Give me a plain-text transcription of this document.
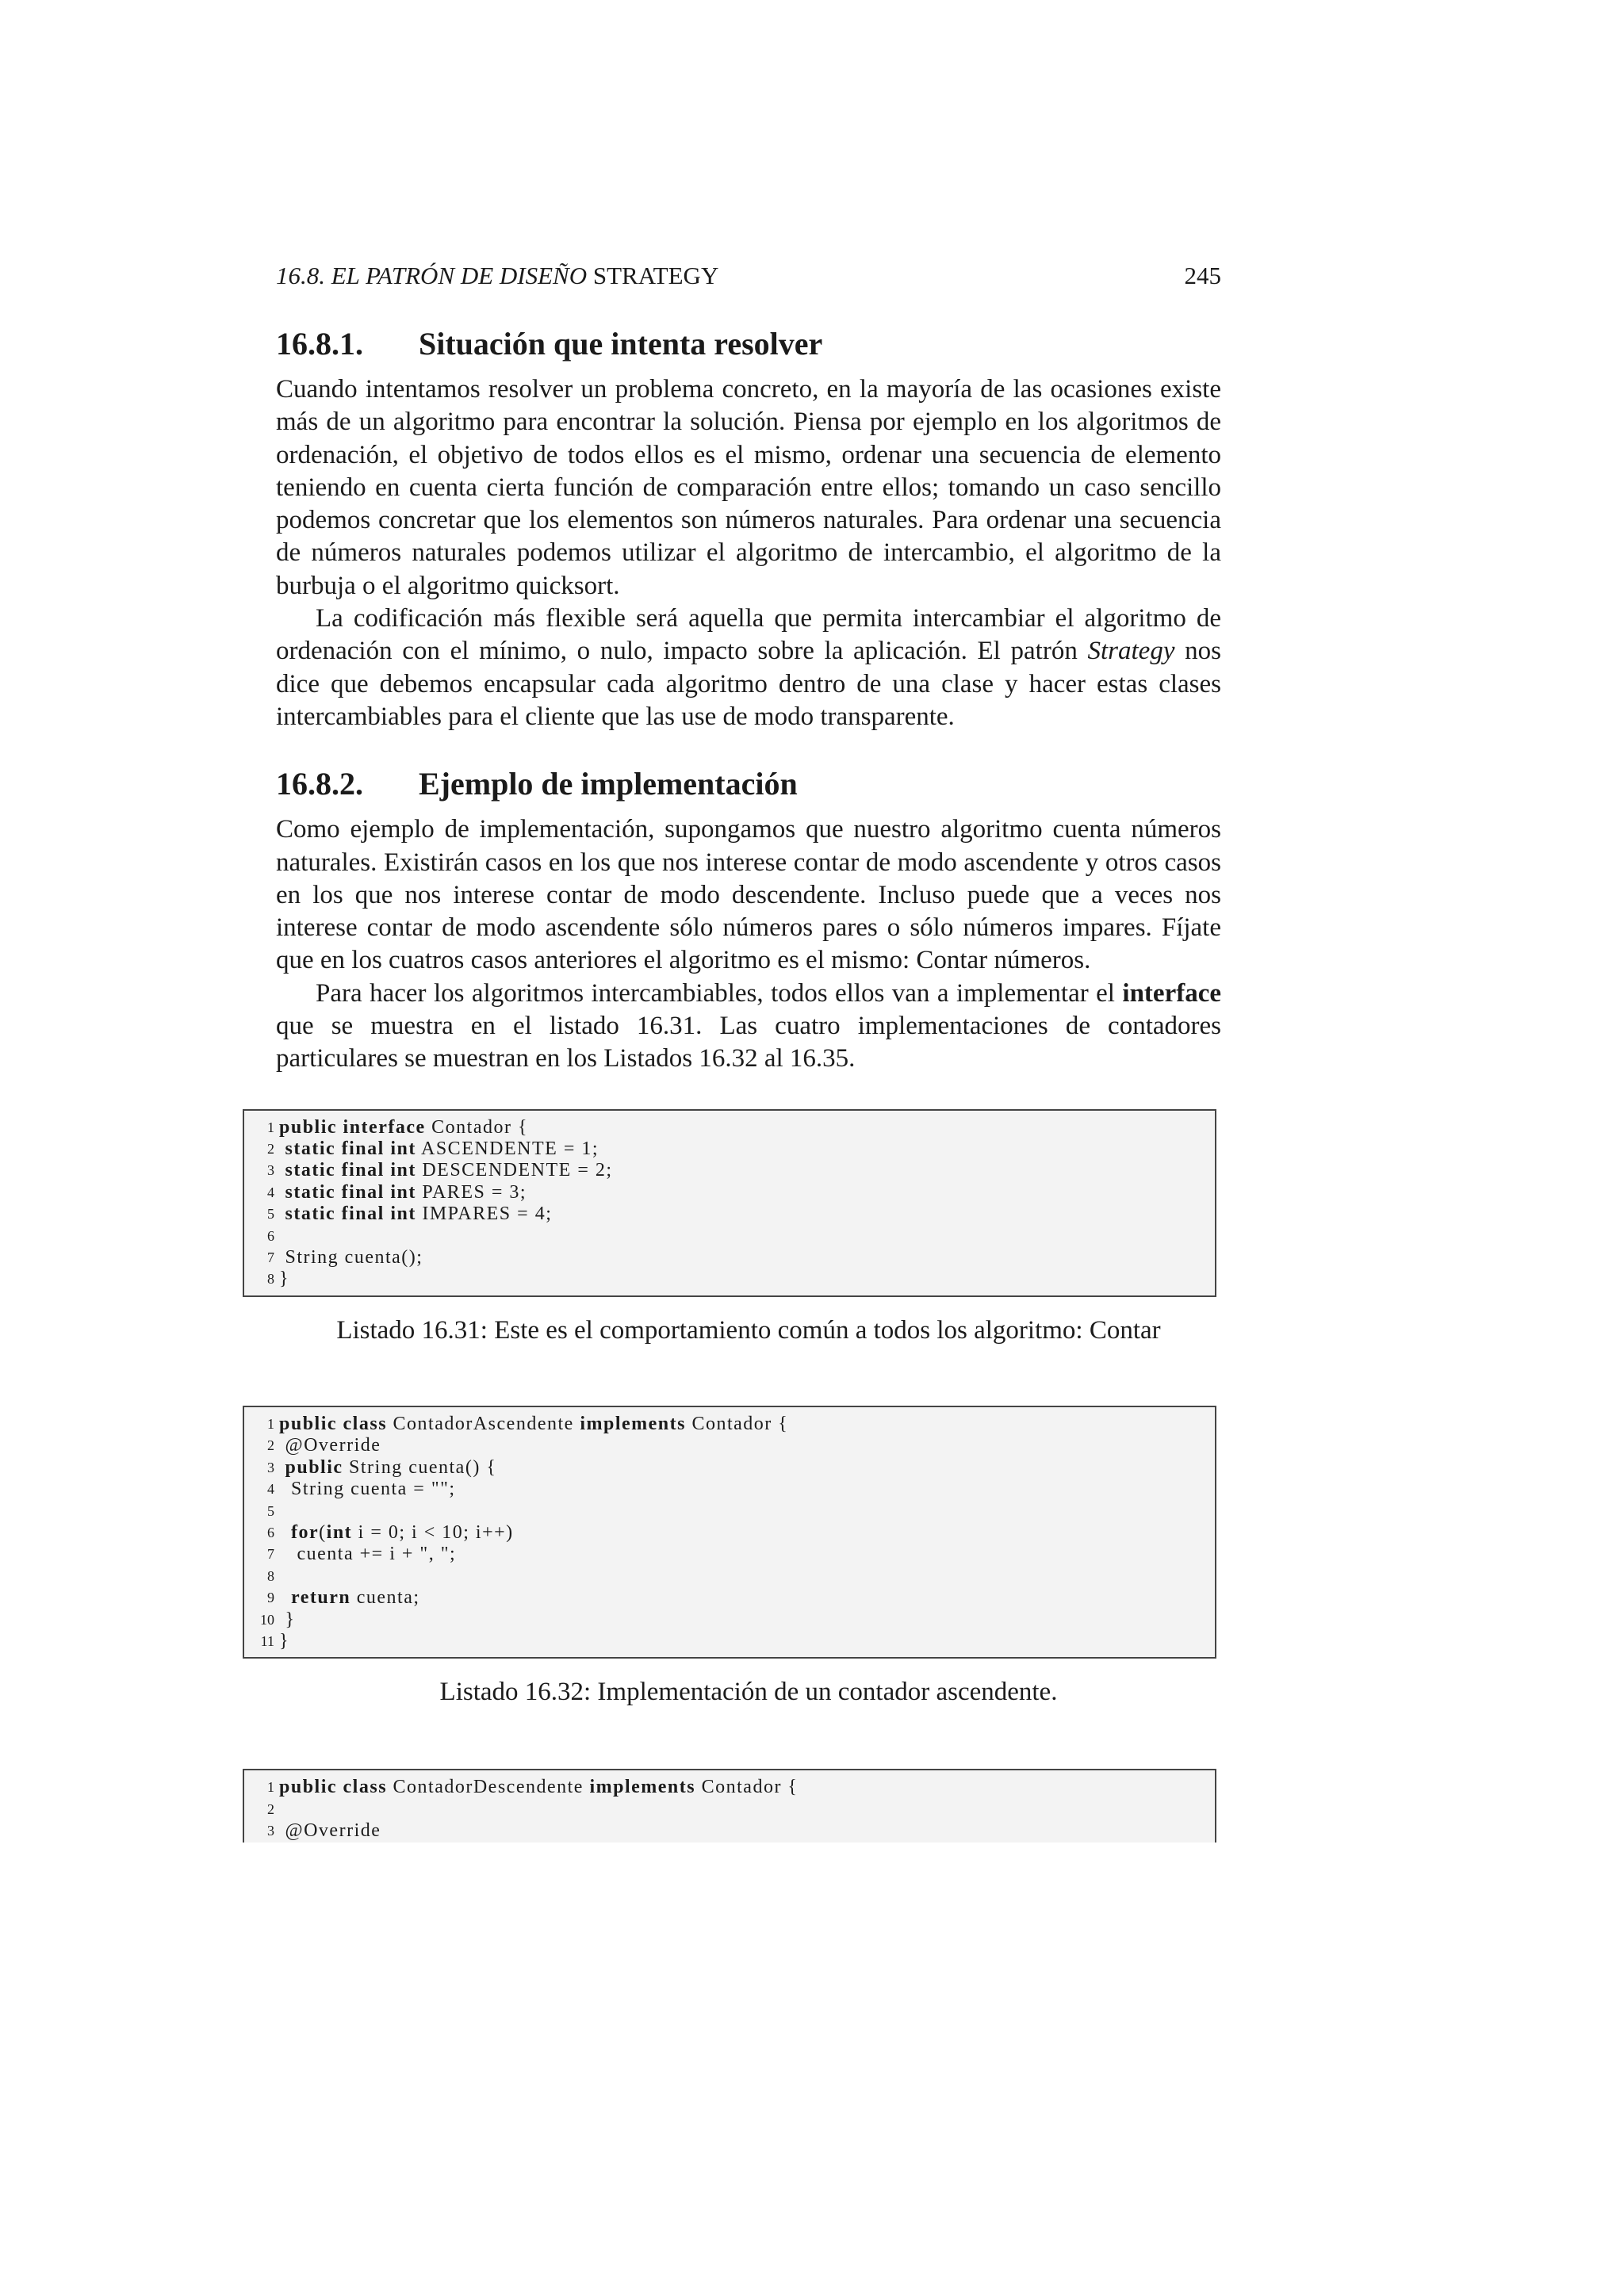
16.8. EL PATRÓN DE DISEÑO STRATEGY	245
16.8.1.	Situación que intenta resolver

Cuando intentamos resolver un problema concreto, en la mayoría de las ocasiones existe más de un algoritmo para encontrar la solución. Piensa por ejemplo en los algoritmos de ordenación, el objetivo de todos ellos es el mismo, ordenar una secuencia de elemento teniendo en cuenta cierta función de comparación entre ellos; tomando un caso sencillo podemos concretar que los elementos son números naturales. Para ordenar una secuencia de números naturales podemos utilizar el algoritmo de intercambio, el algoritmo de la burbuja o el algoritmo quicksort.

La codificación más flexible será aquella que permita intercambiar el algoritmo de ordenación con el mínimo, o nulo, impacto sobre la aplicación. El patrón Strategy nos dice que debemos encapsular cada algoritmo dentro de una clase y hacer estas clases intercambiables para el cliente que las use de modo transparente.

16.8.2.	Ejemplo de implementación

Como ejemplo de implementación, supongamos que nuestro algoritmo cuenta números naturales. Existirán casos en los que nos interese contar de modo ascendente y otros casos en los que nos interese contar de modo descendente. Incluso puede que a veces nos interese contar de modo ascendente sólo números pares o sólo números impares. Fíjate que en los cuatros casos anteriores el algoritmo es el mismo: Contar números.

Para hacer los algoritmos intercambiables, todos ellos van a implementar el interface que se muestra en el listado 16.31. Las cuatro implementaciones de contadores particulares se muestran en los Listados 16.32 al 16.35.

1 public interface Contador {
2 static final int ASCENDENTE = 1;
3 static final int DESCENDENTE = 2;
4 static final int PARES = 3;
5 static final int IMPARES = 4;
6
7 String cuenta();
8 }
Listado 16.31: Este es el comportamiento común a todos los algoritmo: Contar
1 public class ContadorAscendente implements Contador {
2 @Override
3 public String cuenta() {
4 String cuenta = "";
5
6 for(int i = 0; i < 10; i++)
7 cuenta += i + ", ";
8
9 return cuenta;
10 }
11 }
Listado 16.32: Implementación de un contador ascendente.
1 public class ContadorDescendente implements Contador {
2
3 @Override
